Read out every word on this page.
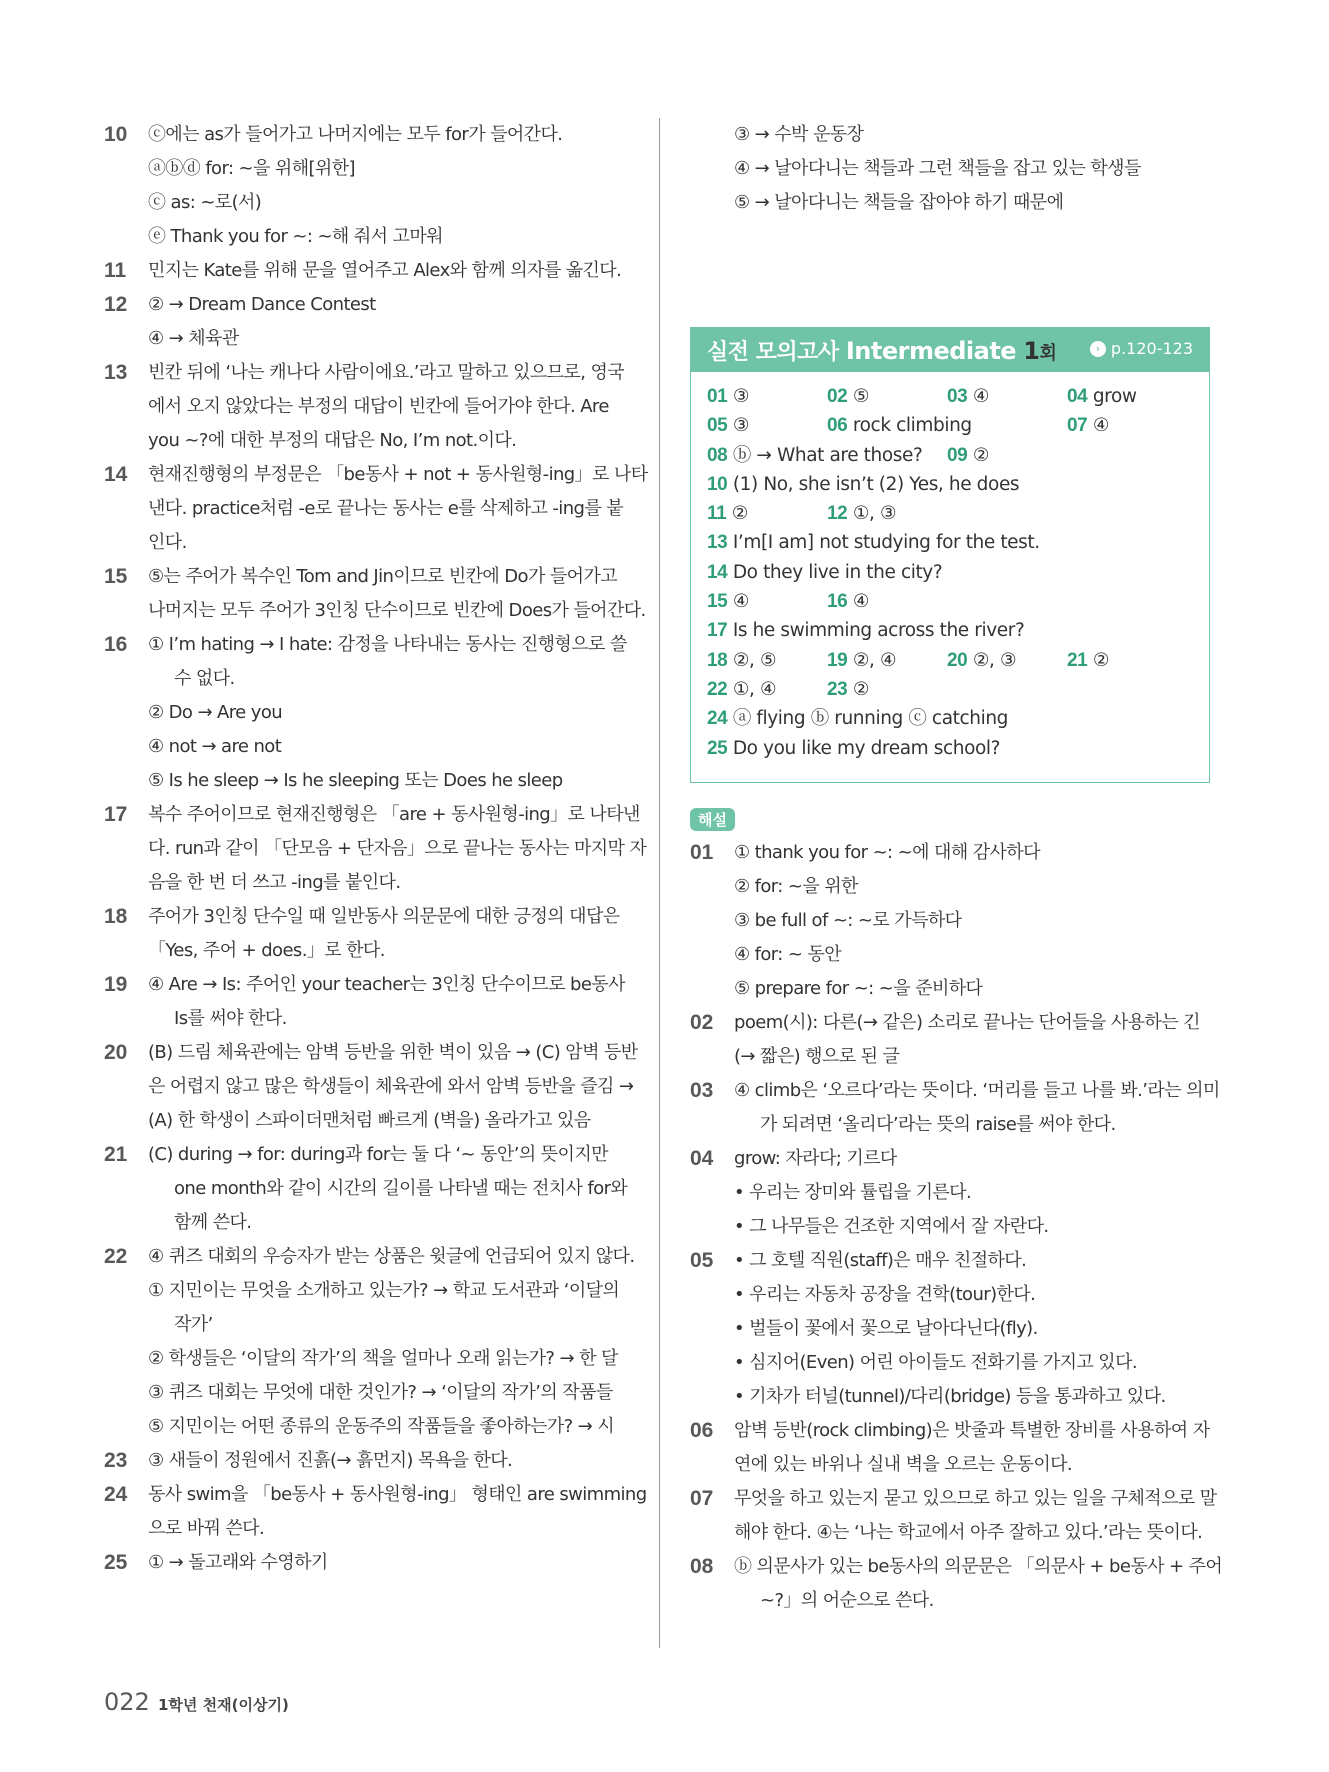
10	ⓒ에는 as가 들어가고 나머지에는 모두 for가 들어간다.
ⓐⓑⓓ for: ~을 위해[위한]
ⓒ as: ~로(서)
ⓔ Thank you for ~: ~해 줘서 고마워
11	민지는 Kate를 위해 문을 열어주고 Alex와 함께 의자를 옮긴다.
12	② → Dream Dance Contest
④ → 체육관
13	빈칸 뒤에 ‘나는 캐나다 사람이에요.’라고 말하고 있으므로, 영국
에서 오지 않았다는 부정의 대답이 빈칸에 들어가야 한다. Are
you ~?에 대한 부정의 대답은 No, I’m not.이다.
14	현재진행형의 부정문은 「be동사 + not + 동사원형-ing」로 나타
낸다. practice처럼 -e로 끝나는 동사는 e를 삭제하고 -ing를 붙
인다.
15	⑤는 주어가 복수인 Tom and Jin이므로 빈칸에 Do가 들어가고
나머지는 모두 주어가 3인칭 단수이므로 빈칸에 Does가 들어간다.
16	① I’m hating → I hate: 감정을 나타내는 동사는 진행형으로 쓸
수 없다.
② Do → Are you
④ not → are not
⑤ Is he sleep → Is he sleeping 또는 Does he sleep
17	복수 주어이므로 현재진행형은 「are + 동사원형-ing」로 나타낸
다. run과 같이 「단모음 + 단자음」으로 끝나는 동사는 마지막 자
음을 한 번 더 쓰고 -ing를 붙인다.
18	주어가 3인칭 단수일 때 일반동사 의문문에 대한 긍정의 대답은
「Yes, 주어 + does.」로 한다.
19	④ Are → Is: 주어인 your teacher는 3인칭 단수이므로 be동사
Is를 써야 한다.
20	(B) 드림 체육관에는 암벽 등반을 위한 벽이 있음 → (C) 암벽 등반
은 어렵지 않고 많은 학생들이 체육관에 와서 암벽 등반을 즐김 →
(A) 한 학생이 스파이더맨처럼 빠르게 (벽을) 올라가고 있음
21	(C) during → for: during과 for는 둘 다 ‘~ 동안’의 뜻이지만
one month와 같이 시간의 길이를 나타낼 때는 전치사 for와
함께 쓴다.
22	④ 퀴즈 대회의 우승자가 받는 상품은 윗글에 언급되어 있지 않다.
① 지민이는 무엇을 소개하고 있는가? → 학교 도서관과 ‘이달의
작가’
② 학생들은 ‘이달의 작가’의 책을 얼마나 오래 읽는가? → 한 달
③ 퀴즈 대회는 무엇에 대한 것인가? → ‘이달의 작가’의 작품들
⑤ 지민이는 어떤 종류의 운동주의 작품들을 좋아하는가? → 시
23	③ 새들이 정원에서 진흙(→ 흙먼지) 목욕을 한다.
24	동사 swim을 「be동사 + 동사원형-ing」 형태인 are swimming
으로 바꿔 쓴다.
25	① → 돌고래와 수영하기
③ → 수박 운동장
④ → 날아다니는 책들과 그런 책들을 잡고 있는 학생들
⑤ → 날아다니는 책들을 잡아야 하기 때문에
실전 모의고사 Intermediate 1회	› p.120-123
01 ③	02 ⑤	03 ④	04 grow
05 ③	06 rock climbing	07 ④
08 ⓑ → What are those? 09 ②
10 (1) No, she isn’t (2) Yes, he does
11 ②	12 ①, ③
13 I’m[I am] not studying for the test.
14 Do they live in the city?
15 ④	16 ④
17 Is he swimming across the river?
18 ②, ⑤	19 ②, ④	20 ②, ③	21 ②
22 ①, ④	23 ②
24 ⓐ flying ⓑ running ⓒ catching
25 Do you like my dream school?
해설
01	① thank you for ~: ~에 대해 감사하다
② for: ~을 위한
③ be full of ~: ~로 가득하다
④ for: ~ 동안
⑤ prepare for ~: ~을 준비하다
02	poem(시): 다른(→ 같은) 소리로 끝나는 단어들을 사용하는 긴
(→ 짧은) 행으로 된 글
03	④ climb은 ‘오르다’라는 뜻이다. ‘머리를 들고 나를 봐.’라는 의미
가 되려면 ‘올리다’라는 뜻의 raise를 써야 한다.
04	grow: 자라다; 기르다
• 우리는 장미와 튤립을 기른다.
• 그 나무들은 건조한 지역에서 잘 자란다.
05	• 그 호텔 직원(staff)은 매우 친절하다.
• 우리는 자동차 공장을 견학(tour)한다.
• 벌들이 꽃에서 꽃으로 날아다닌다(fly).
• 심지어(Even) 어린 아이들도 전화기를 가지고 있다.
• 기차가 터널(tunnel)/다리(bridge) 등을 통과하고 있다.
06	암벽 등반(rock climbing)은 밧줄과 특별한 장비를 사용하여 자
연에 있는 바위나 실내 벽을 오르는 운동이다.
07	무엇을 하고 있는지 묻고 있으므로 하고 있는 일을 구체적으로 말
해야 한다. ④는 ‘나는 학교에서 아주 잘하고 있다.’라는 뜻이다.
08	ⓑ 의문사가 있는 be동사의 의문문은 「의문사 + be동사 + 주어
~?」의 어순으로 쓴다.
022 1학년 천재(이상기)
